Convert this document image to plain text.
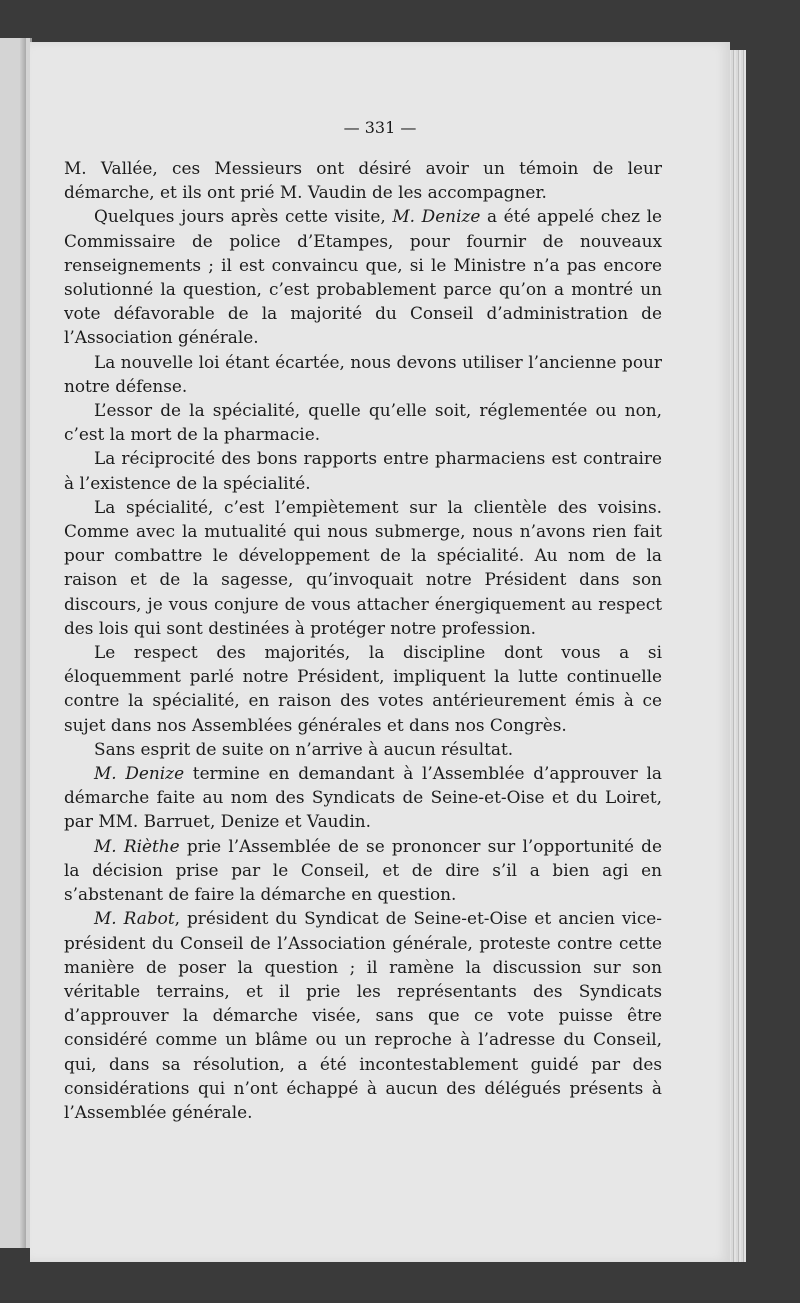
— 331 —

M. Vallée, ces Messieurs ont désiré avoir un témoin de leur démarche, et ils ont prié M. Vaudin de les accompagner.

Quelques jours après cette visite, M. Denize a été appelé chez le Commissaire de police d’Etampes, pour fournir de nouveaux renseignements ; il est convaincu que, si le Ministre n’a pas encore solutionné la question, c’est probablement parce qu’on a montré un vote défavorable de la majorité du Conseil d’administration de l’Association générale.

La nouvelle loi étant écartée, nous devons utiliser l’ancienne pour notre défense.

L’essor de la spécialité, quelle qu’elle soit, réglementée ou non, c’est la mort de la pharmacie.

La réciprocité des bons rapports entre pharmaciens est contraire à l’existence de la spécialité.

La spécialité, c’est l’empiètement sur la clientèle des voisins. Comme avec la mutualité qui nous submerge, nous n’avons rien fait pour combattre le développement de la spécialité. Au nom de la raison et de la sagesse, qu’invoquait notre Président dans son discours, je vous conjure de vous attacher énergiquement au respect des lois qui sont destinées à protéger notre profession.

Le respect des majorités, la discipline dont vous a si éloquemment parlé notre Président, impliquent la lutte continuelle contre la spécialité, en raison des votes antérieurement émis à ce sujet dans nos Assemblées générales et dans nos Congrès.

Sans esprit de suite on n’arrive à aucun résultat.

M. Denize termine en demandant à l’Assemblée d’approuver la démarche faite au nom des Syndicats de Seine-et-Oise et du Loiret, par MM. Barruet, Denize et Vaudin.

M. Rièthe prie l’Assemblée de se prononcer sur l’opportunité de la décision prise par le Conseil, et de dire s’il a bien agi en s’abstenant de faire la démarche en question.

M. Rabot, président du Syndicat de Seine-et-Oise et ancien vice-président du Conseil de l’Association générale, proteste contre cette manière de poser la question ; il ramène la discussion sur son véritable terrains, et il prie les représentants des Syndicats d’approuver la démarche visée, sans que ce vote puisse être considéré comme un blâme ou un reproche à l’adresse du Conseil, qui, dans sa résolution, a été incontestablement guidé par des considérations qui n’ont échappé à aucun des délégués présents à l’Assemblée générale.
